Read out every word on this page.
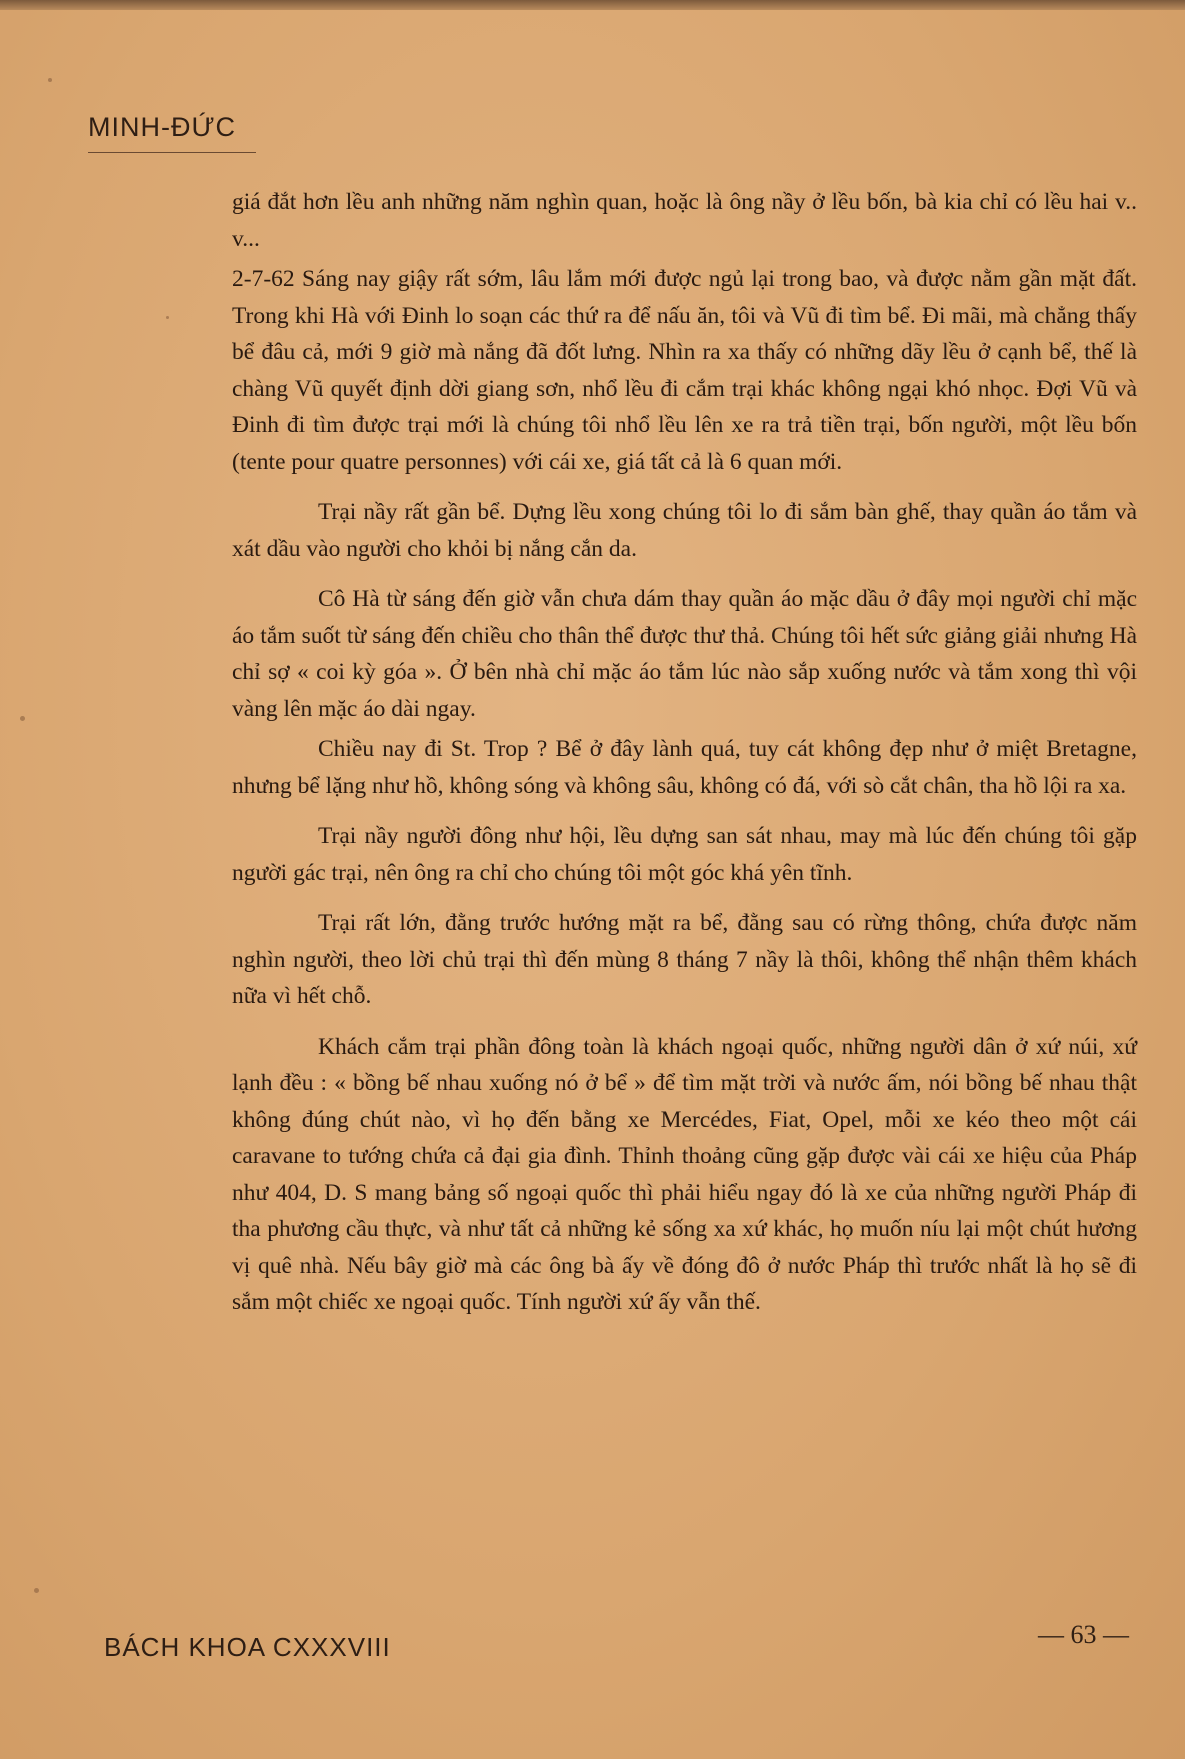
MINH-ĐỨC

giá đắt hơn lều anh những năm nghìn quan, hoặc là ông nầy ở lều bốn, bà kia chỉ có lều hai v.. v...

2-7-62 Sáng nay giậy rất sớm, lâu lắm mới được ngủ lại trong bao, và được nằm gần mặt đất. Trong khi Hà với Đinh lo soạn các thứ ra để nấu ăn, tôi và Vũ đi tìm bể. Đi mãi, mà chẳng thấy bể đâu cả, mới 9 giờ mà nắng đã đốt lưng. Nhìn ra xa thấy có những dãy lều ở cạnh bể, thế là chàng Vũ quyết định dời giang sơn, nhổ lều đi cắm trại khác không ngại khó nhọc. Đợi Vũ và Đinh đi tìm được trại mới là chúng tôi nhổ lều lên xe ra trả tiền trại, bốn người, một lều bốn (tente pour quatre personnes) với cái xe, giá tất cả là 6 quan mới.

Trại nầy rất gần bể. Dựng lều xong chúng tôi lo đi sắm bàn ghế, thay quần áo tắm và xát dầu vào người cho khỏi bị nắng cắn da.

Cô Hà từ sáng đến giờ vẫn chưa dám thay quần áo mặc dầu ở đây mọi người chỉ mặc áo tắm suốt từ sáng đến chiều cho thân thể được thư thả. Chúng tôi hết sức giảng giải nhưng Hà chỉ sợ « coi kỳ góa ». Ở bên nhà chỉ mặc áo tắm lúc nào sắp xuống nước và tắm xong thì vội vàng lên mặc áo dài ngay.

Chiều nay đi St. Trop ? Bể ở đây lành quá, tuy cát không đẹp như ở miệt Bretagne, nhưng bể lặng như hồ, không sóng và không sâu, không có đá, với sò cắt chân, tha hồ lội ra xa.

Trại nầy người đông như hội, lều dựng san sát nhau, may mà lúc đến chúng tôi gặp người gác trại, nên ông ra chỉ cho chúng tôi một góc khá yên tĩnh.

Trại rất lớn, đằng trước hướng mặt ra bể, đằng sau có rừng thông, chứa được năm nghìn người, theo lời chủ trại thì đến mùng 8 tháng 7 nầy là thôi, không thể nhận thêm khách nữa vì hết chỗ.

Khách cắm trại phần đông toàn là khách ngoại quốc, những người dân ở xứ núi, xứ lạnh đều : « bồng bế nhau xuống nó ở bể » để tìm mặt trời và nước ấm, nói bồng bế nhau thật không đúng chút nào, vì họ đến bằng xe Mercédes, Fiat, Opel, mỗi xe kéo theo một cái caravane to tướng chứa cả đại gia đình. Thỉnh thoảng cũng gặp được vài cái xe hiệu của Pháp như 404, D. S mang bảng số ngoại quốc thì phải hiểu ngay đó là xe của những người Pháp đi tha phương cầu thực, và như tất cả những kẻ sống xa xứ khác, họ muốn níu lại một chút hương vị quê nhà. Nếu bây giờ mà các ông bà ấy về đóng đô ở nước Pháp thì trước nhất là họ sẽ đi sắm một chiếc xe ngoại quốc. Tính người xứ ấy vẫn thế.

BÁCH KHOA CXXXVIII	— 63 —
